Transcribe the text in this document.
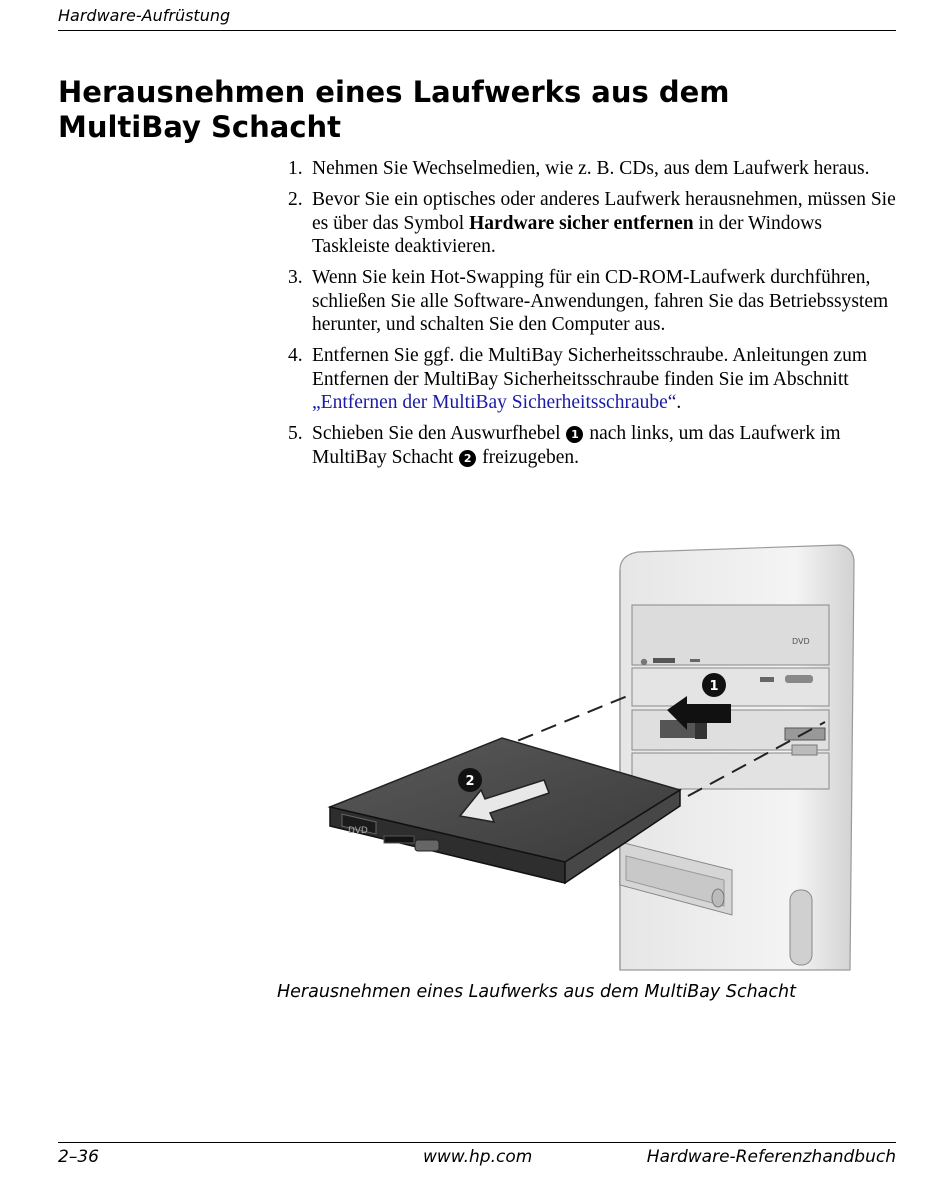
Hardware-Aufrüstung
Herausnehmen eines Laufwerks aus dem MultiBay Schacht
1. Nehmen Sie Wechselmedien, wie z. B. CDs, aus dem Laufwerk heraus.
2. Bevor Sie ein optisches oder anderes Laufwerk herausnehmen, müssen Sie es über das Symbol Hardware sicher entfernen in der Windows Taskleiste deaktivieren.
3. Wenn Sie kein Hot-Swapping für ein CD-ROM-Laufwerk durchführen, schließen Sie alle Software-Anwendungen, fahren Sie das Betriebssystem herunter, und schalten Sie den Computer aus.
4. Entfernen Sie ggf. die MultiBay Sicherheitsschraube. Anleitungen zum Entfernen der MultiBay Sicherheitsschraube finden Sie im Abschnitt „Entfernen der MultiBay Sicherheitsschraube“.
5. Schieben Sie den Auswurfhebel 1 nach links, um das Laufwerk im MultiBay Schacht 2 freizugeben.
DVD
1
DVD
2
Herausnehmen eines Laufwerks aus dem MultiBay Schacht
2–36	www.hp.com	Hardware-Referenzhandbuch
